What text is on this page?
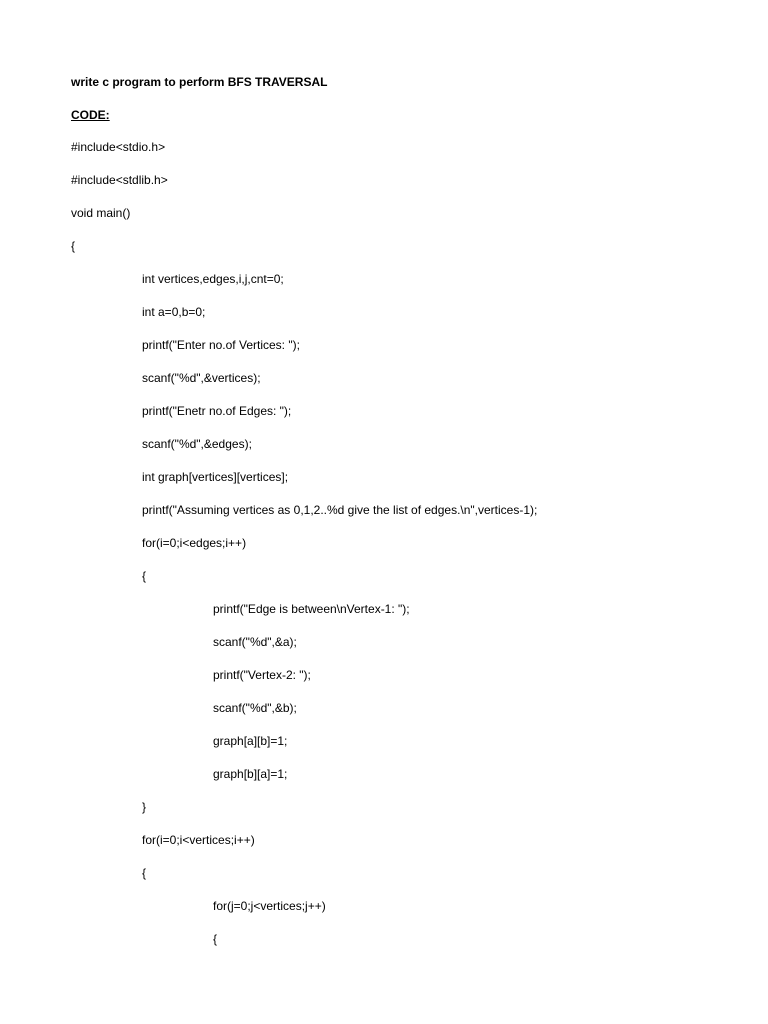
write c program to perform BFS TRAVERSAL
CODE:
#include<stdio.h>
#include<stdlib.h>
void main()
{
int vertices,edges,i,j,cnt=0;
int a=0,b=0;
printf("Enter no.of Vertices: ");
scanf("%d",&vertices);
printf("Enetr no.of Edges: ");
scanf("%d",&edges);
int graph[vertices][vertices];
printf("Assuming vertices as 0,1,2..%d give the list of edges.\n",vertices-1);
for(i=0;i<edges;i++)
{
printf("Edge is between\nVertex-1: ");
scanf("%d",&a);
printf("Vertex-2: ");
scanf("%d",&b);
graph[a][b]=1;
graph[b][a]=1;
}
for(i=0;i<vertices;i++)
{
for(j=0;j<vertices;j++)
{
